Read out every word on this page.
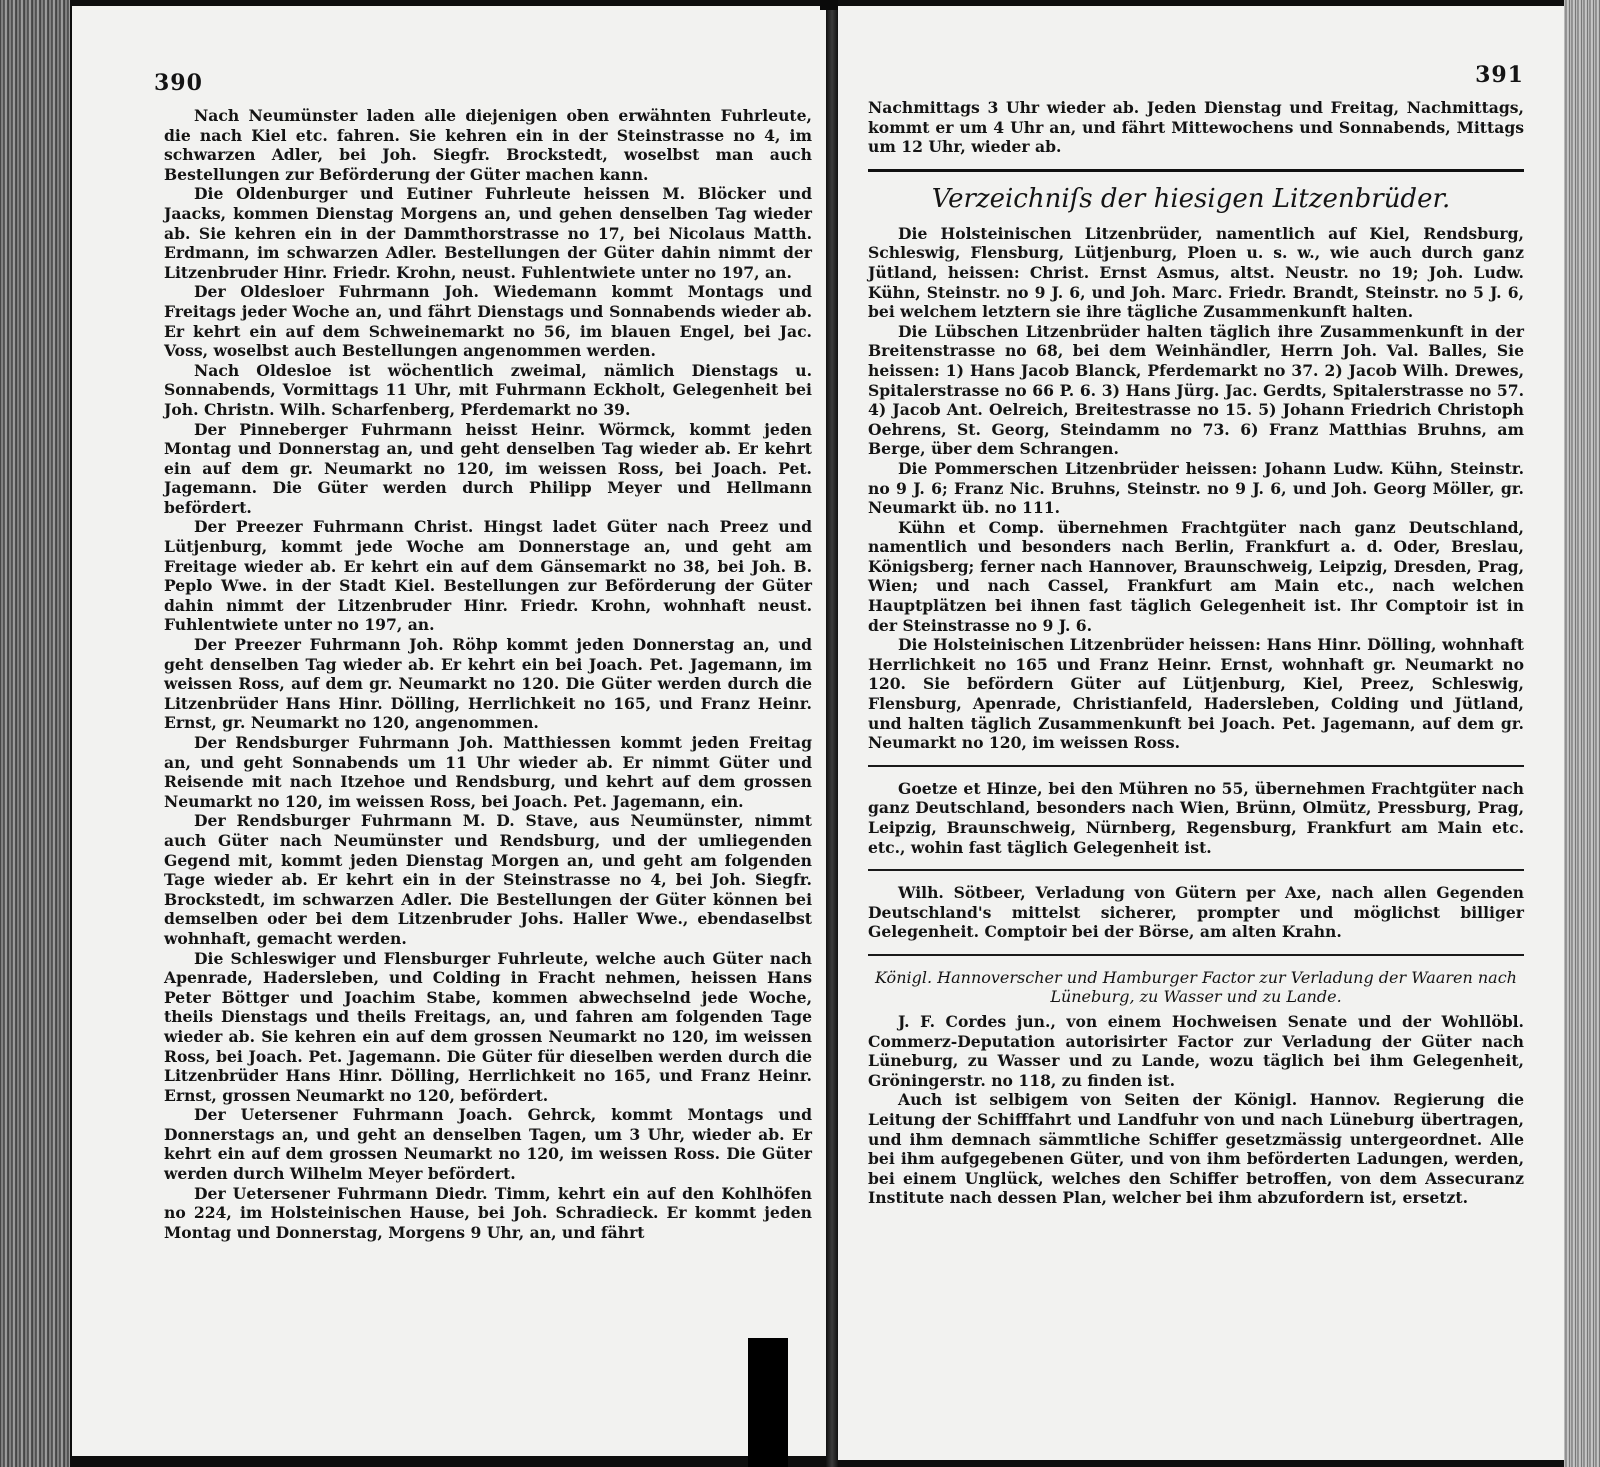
390

Nach Neumünster laden alle diejenigen oben erwähnten Fuhrleute, die nach Kiel etc. fahren. Sie kehren ein in der Steinstrasse no 4, im schwarzen Adler, bei Joh. Siegfr. Brockstedt, woselbst man auch Bestellungen zur Beförderung der Güter machen kann.

Die Oldenburger und Eutiner Fuhrleute heissen M. Blöcker und Jaacks, kommen Dienstag Morgens an, und gehen denselben Tag wieder ab. Sie kehren ein in der Dammthorstrasse no 17, bei Nicolaus Matth. Erdmann, im schwarzen Adler. Bestellungen der Güter dahin nimmt der Litzenbruder Hinr. Friedr. Krohn, neust. Fuhlentwiete unter no 197, an.

Der Oldesloer Fuhrmann Joh. Wiedemann kommt Montags und Freitags jeder Woche an, und fährt Dienstags und Sonnabends wieder ab. Er kehrt ein auf dem Schweinemarkt no 56, im blauen Engel, bei Jac. Voss, woselbst auch Bestellungen angenommen werden.

Nach Oldesloe ist wöchentlich zweimal, nämlich Dienstags u. Sonnabends, Vormittags 11 Uhr, mit Fuhrmann Eckholt, Gelegenheit bei Joh. Christn. Wilh. Scharfenberg, Pferdemarkt no 39.

Der Pinneberger Fuhrmann heisst Heinr. Wörmck, kommt jeden Montag und Donnerstag an, und geht denselben Tag wieder ab. Er kehrt ein auf dem gr. Neumarkt no 120, im weissen Ross, bei Joach. Pet. Jagemann. Die Güter werden durch Philipp Meyer und Hellmann befördert.

Der Preezer Fuhrmann Christ. Hingst ladet Güter nach Preez und Lütjenburg, kommt jede Woche am Donnerstage an, und geht am Freitage wieder ab. Er kehrt ein auf dem Gänsemarkt no 38, bei Joh. B. Peplo Wwe. in der Stadt Kiel. Bestellungen zur Beförderung der Güter dahin nimmt der Litzenbruder Hinr. Friedr. Krohn, wohnhaft neust. Fuhlentwiete unter no 197, an.

Der Preezer Fuhrmann Joh. Röhp kommt jeden Donnerstag an, und geht denselben Tag wieder ab. Er kehrt ein bei Joach. Pet. Jagemann, im weissen Ross, auf dem gr. Neumarkt no 120. Die Güter werden durch die Litzenbrüder Hans Hinr. Dölling, Herrlichkeit no 165, und Franz Heinr. Ernst, gr. Neumarkt no 120, angenommen.

Der Rendsburger Fuhrmann Joh. Matthiessen kommt jeden Freitag an, und geht Sonnabends um 11 Uhr wieder ab. Er nimmt Güter und Reisende mit nach Itzehoe und Rendsburg, und kehrt auf dem grossen Neumarkt no 120, im weissen Ross, bei Joach. Pet. Jagemann, ein.

Der Rendsburger Fuhrmann M. D. Stave, aus Neumünster, nimmt auch Güter nach Neumünster und Rendsburg, und der umliegenden Gegend mit, kommt jeden Dienstag Morgen an, und geht am folgenden Tage wieder ab. Er kehrt ein in der Steinstrasse no 4, bei Joh. Siegfr. Brockstedt, im schwarzen Adler. Die Bestellungen der Güter können bei demselben oder bei dem Litzenbruder Johs. Haller Wwe., ebendaselbst wohnhaft, gemacht werden.

Die Schleswiger und Flensburger Fuhrleute, welche auch Güter nach Apenrade, Hadersleben, und Colding in Fracht nehmen, heissen Hans Peter Böttger und Joachim Stabe, kommen abwechselnd jede Woche, theils Dienstags und theils Freitags, an, und fahren am folgenden Tage wieder ab. Sie kehren ein auf dem grossen Neumarkt no 120, im weissen Ross, bei Joach. Pet. Jagemann. Die Güter für dieselben werden durch die Litzenbrüder Hans Hinr. Dölling, Herrlichkeit no 165, und Franz Heinr. Ernst, grossen Neumarkt no 120, befördert.

Der Uetersener Fuhrmann Joach. Gehrck, kommt Montags und Donnerstags an, und geht an denselben Tagen, um 3 Uhr, wieder ab. Er kehrt ein auf dem grossen Neumarkt no 120, im weissen Ross. Die Güter werden durch Wilhelm Meyer befördert.

Der Uetersener Fuhrmann Diedr. Timm, kehrt ein auf den Kohlhöfen no 224, im Holsteinischen Hause, bei Joh. Schradieck. Er kommt jeden Montag und Donnerstag, Morgens 9 Uhr, an, und fährt

391

Nachmittags 3 Uhr wieder ab. Jeden Dienstag und Freitag, Nachmittags, kommt er um 4 Uhr an, und fährt Mittewochens und Sonnabends, Mittags um 12 Uhr, wieder ab.

Verzeichniſs der hiesigen Litzenbrüder.

Die Holsteinischen Litzenbrüder, namentlich auf Kiel, Rendsburg, Schleswig, Flensburg, Lütjenburg, Ploen u. s. w., wie auch durch ganz Jütland, heissen: Christ. Ernst Asmus, altst. Neustr. no 19; Joh. Ludw. Kühn, Steinstr. no 9 J. 6, und Joh. Marc. Friedr. Brandt, Steinstr. no 5 J. 6, bei welchem letztern sie ihre tägliche Zusammenkunft halten.

Die Lübschen Litzenbrüder halten täglich ihre Zusammenkunft in der Breitenstrasse no 68, bei dem Weinhändler, Herrn Joh. Val. Balles, Sie heissen: 1) Hans Jacob Blanck, Pferdemarkt no 37. 2) Jacob Wilh. Drewes, Spitalerstrasse no 66 P. 6. 3) Hans Jürg. Jac. Gerdts, Spitalerstrasse no 57. 4) Jacob Ant. Oelreich, Breitestrasse no 15. 5) Johann Friedrich Christoph Oehrens, St. Georg, Steindamm no 73. 6) Franz Matthias Bruhns, am Berge, über dem Schrangen.

Die Pommerschen Litzenbrüder heissen: Johann Ludw. Kühn, Steinstr. no 9 J. 6; Franz Nic. Bruhns, Steinstr. no 9 J. 6, und Joh. Georg Möller, gr. Neumarkt üb. no 111.

Kühn et Comp. übernehmen Frachtgüter nach ganz Deutschland, namentlich und besonders nach Berlin, Frankfurt a. d. Oder, Breslau, Königsberg; ferner nach Hannover, Braunschweig, Leipzig, Dresden, Prag, Wien; und nach Cassel, Frankfurt am Main etc., nach welchen Hauptplätzen bei ihnen fast täglich Gelegenheit ist. Ihr Comptoir ist in der Steinstrasse no 9 J. 6.

Die Holsteinischen Litzenbrüder heissen: Hans Hinr. Dölling, wohnhaft Herrlichkeit no 165 und Franz Heinr. Ernst, wohnhaft gr. Neumarkt no 120. Sie befördern Güter auf Lütjenburg, Kiel, Preez, Schleswig, Flensburg, Apenrade, Christianfeld, Hadersleben, Colding und Jütland, und halten täglich Zusammenkunft bei Joach. Pet. Jagemann, auf dem gr. Neumarkt no 120, im weissen Ross.

Goetze et Hinze, bei den Mühren no 55, übernehmen Frachtgüter nach ganz Deutschland, besonders nach Wien, Brünn, Olmütz, Pressburg, Prag, Leipzig, Braunschweig, Nürnberg, Regensburg, Frankfurt am Main etc. etc., wohin fast täglich Gelegenheit ist.

Wilh. Sötbeer, Verladung von Gütern per Axe, nach allen Gegenden Deutschland's mittelst sicherer, prompter und möglichst billiger Gelegenheit. Comptoir bei der Börse, am alten Krahn.

Königl. Hannoverscher und Hamburger Factor zur Verladung der Waaren nach Lüneburg, zu Wasser und zu Lande.

J. F. Cordes jun., von einem Hochweisen Senate und der Wohllöbl. Commerz-Deputation autorisirter Factor zur Verladung der Güter nach Lüneburg, zu Wasser und zu Lande, wozu täglich bei ihm Gelegenheit, Gröningerstr. no 118, zu finden ist.

Auch ist selbigem von Seiten der Königl. Hannov. Regierung die Leitung der Schifffahrt und Landfuhr von und nach Lüneburg übertragen, und ihm demnach sämmtliche Schiffer gesetzmässig untergeordnet. Alle bei ihm aufgegebenen Güter, und von ihm beförderten Ladungen, werden, bei einem Unglück, welches den Schiffer betroffen, von dem Assecuranz Institute nach dessen Plan, welcher bei ihm abzufordern ist, ersetzt.
